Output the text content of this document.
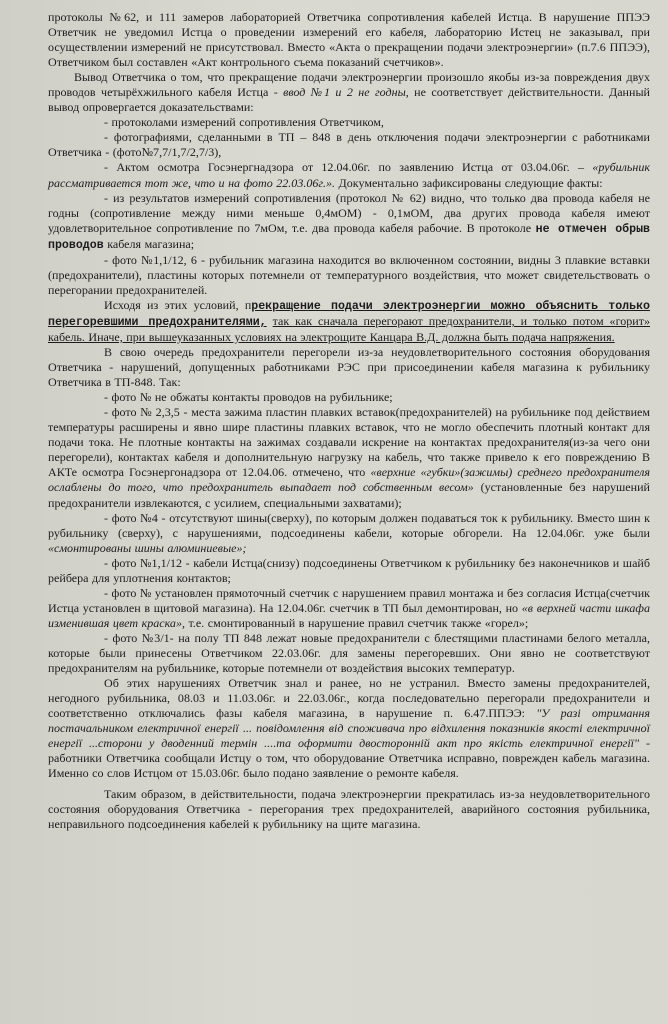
протоколы №62, и 111 замеров лабораторией Ответчика сопротивления кабелей Истца. В нарушение ППЭЭ Ответчик не уведомил Истца о проведении измерений его кабеля, лабораторию Истец не заказывал, при осуществлении измерений не присутствовал. Вместо «Акта о прекращении подачи электроэнергии» (п.7.6 ППЭЭ), Ответчиком был составлен «Акт контрольного съема показаний счетчиков».

Вывод Ответчика о том, что прекращение подачи электроэнергии произошло якобы из-за повреждения двух проводов четырёхжильного кабеля Истца - ввод №1 и 2 не годны, не соответствует действительности. Данный вывод опровергается доказательствами:

- протоколами измерений сопротивления Ответчиком,

- фотографиями, сделанными в ТП – 848 в день отключения подачи электроэнергии с работниками Ответчика - (фото№7,7/1,7/2,7/3),

- Актом осмотра Госэнергнадзора от 12.04.06г. по заявлению Истца от 03.04.06г. – «рубильник рассматривается тот же, что и на фото 22.03.06г.». Документально зафиксированы следующие факты:

- из результатов измерений сопротивления (протокол № 62) видно, что только два провода кабеля не годны (сопротивление между ними меньше 0,4мОМ) - 0,1мОМ, два других провода кабеля имеют удовлетворительное сопротивление по 7мОм, т.е. два провода кабеля рабочие. В протоколе не отмечен обрыв проводов кабеля магазина;

- фото №1,1/12, 6 - рубильник магазина находится во включенном состоянии, видны 3 плавкие вставки (предохранители), пластины которых потемнели от температурного воздействия, что может свидетельствовать о перегорании предохранителей.

Исходя из этих условий, прекращение подачи электроэнергии можно объяснить только перегоревшими предохранителями, так как сначала перегорают предохранители, и только потом «горит» кабель. Иначе, при вышеуказанных условиях на электрощите Канцара В.Д. должна быть подача напряжения.

В свою очередь предохранители перегорели из-за неудовлетворительного состояния оборудования Ответчика - нарушений, допущенных работниками РЭС при присоединении кабеля магазина к рубильнику Ответчика в ТП-848. Так:

- фото № не обжаты контакты проводов на рубильнике;

- фото № 2,3,5 - места зажима пластин плавких вставок(предохранителей) на рубильнике под действием температуры расширены и явно шире пластины плавких вставок, что не могло обеспечить плотный контакт для подачи тока. Не плотные контакты на зажимах создавали искрение на контактах предохранителя(из-за чего они перегорели), контактах кабеля и дополнительную нагрузку на кабель, что также привело к его повреждению В АКТе осмотра Госэнергонадзора от 12.04.06. отмечено, что «верхние «губки»(зажимы) среднего предохранителя ослаблены до того, что предохранитель выпадает под собственным весом» (установленные без нарушений предохранители извлекаются, с усилием, специальными захватами);

- фото №4 - отсутствуют шины(сверху), по которым должен подаваться ток к рубильнику. Вместо шин к рубильнику (сверху), с нарушениями, подсоединены кабели, которые обгорели. На 12.04.06г. уже были «смонтированы шины алюминиевые»;

- фото №1,1/12 - кабели Истца(снизу) подсоединены Ответчиком к рубильнику без наконечников и шайб рейбера для уплотнения контактов;

- фото № установлен прямоточный счетчик с нарушением правил монтажа и без согласия Истца(счетчик Истца установлен в щитовой магазина). На 12.04.06г. счетчик в ТП был демонтирован, но «в верхней части шкафа изменившая цвет краска», т.е. смонтированный в нарушение правил счетчик также «горел»;

- фото №3/1- на полу ТП 848 лежат новые предохранители с блестящими пластинами белого металла, которые были принесены Ответчиком 22.03.06г. для замены перегоревших. Они явно не соответствуют предохранителям на рубильнике, которые потемнели от воздействия высоких температур.

Об этих нарушениях Ответчик знал и ранее, но не устранил. Вместо замены предохранителей, негодного рубильника, 08.03 и 11.03.06г. и 22.03.06г., когда последовательно перегорали предохранители и соответственно отключались фазы кабеля магазина, в нарушение п. 6.47.ППЭЭ: "У разі отримання постачальником електричної енергії ... повідомлення від споживача про відхилення показників якості електричної енергії ...сторони у дводенний термін ....та оформити двосторонній акт про якість електричної енергії" - работники Ответчика сообщали Истцу о том, что оборудование Ответчика исправно, поврежден кабель магазина. Именно со слов Истцом от 15.03.06г. было подано заявление о ремонте кабеля.

Таким образом, в действительности, подача электроэнергии прекратилась из-за неудовлетворительного состояния оборудования Ответчика - перегорания трех предохранителей, аварийного состояния рубильника, неправильного подсоединения кабелей к рубильнику на щите магазина.
